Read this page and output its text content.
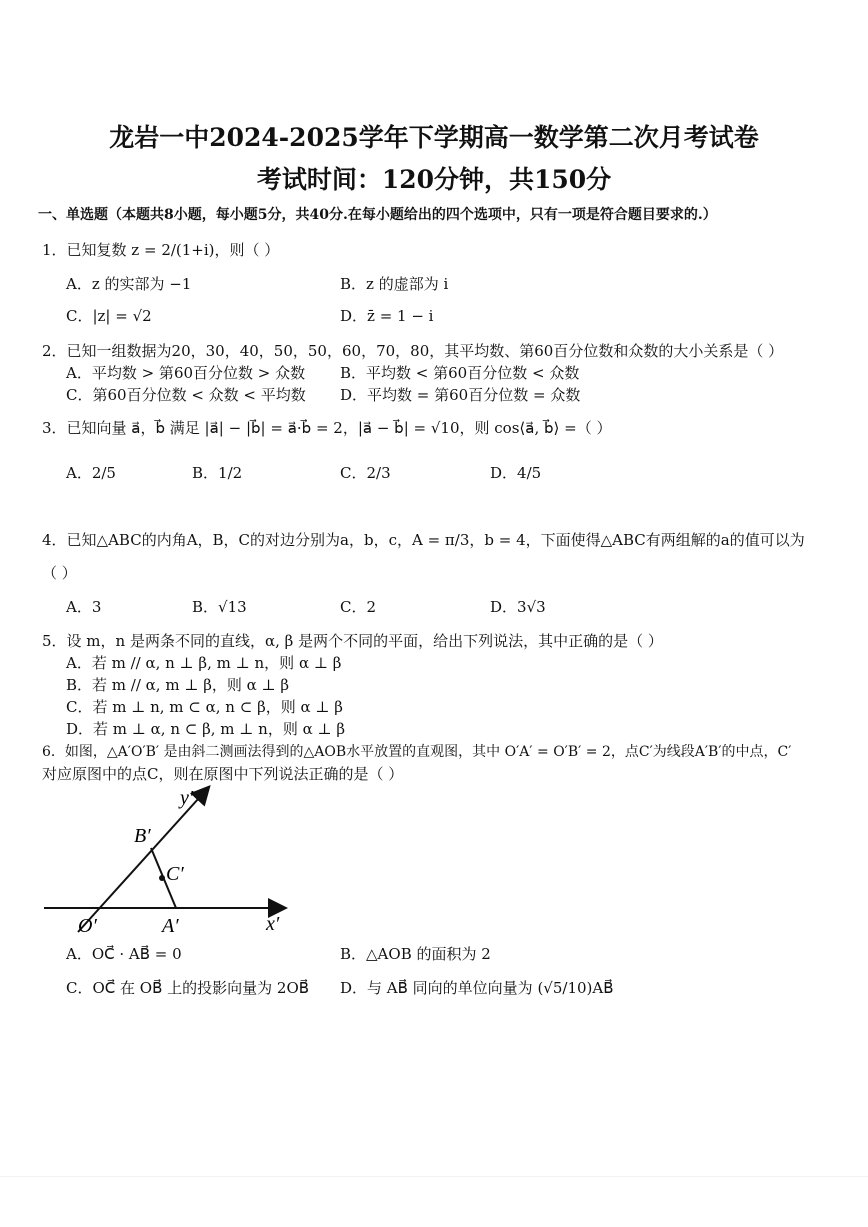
龙岩一中2024-2025学年下学期高一数学第二次月考试卷
考试时间：120分钟，共150分
一、单选题（本题共8小题，每小题5分，共40分.在每小题给出的四个选项中，只有一项是符合题目要求的.）
1．已知复数 z = 2/(1+i)，则（ ）
A．z 的实部为 −1	B．z 的虚部为 i
C．|z| = √2	D．z̄ = 1 − i
2．已知一组数据为20，30，40，50，50，60，70，80，其平均数、第60百分位数和众数的大小关系是（ ）
A．平均数 > 第60百分位数 > 众数 B．平均数 < 第60百分位数 < 众数
C．第60百分位数 < 众数 < 平均数 D．平均数 = 第60百分位数 = 众数
3．已知向量 a⃗，b⃗ 满足 |a⃗| − |b⃗| = a⃗·b⃗ = 2，|a⃗ − b⃗| = √10，则 cos⟨a⃗, b⃗⟩ =（ ）
A．2/5	B．1/2	C．2/3	D．4/5
4．已知△ABC的内角A，B，C的对边分别为a，b，c，A = π/3，b = 4，下面使得△ABC有两组解的a的值可以为
（ ）
A．3	B．√13	C．2	D．3√3
5．设 m，n 是两条不同的直线，α, β 是两个不同的平面，给出下列说法，其中正确的是（ ）
A．若 m // α, n ⊥ β, m ⊥ n，则 α ⊥ β
B．若 m // α, m ⊥ β，则 α ⊥ β
C．若 m ⊥ n, m ⊂ α, n ⊂ β，则 α ⊥ β
D．若 m ⊥ α, n ⊂ β, m ⊥ n，则 α ⊥ β
6．如图，△A′O′B′ 是由斜二测画法得到的△AOB水平放置的直观图，其中 O′A′ = O′B′ = 2，点C′为线段A′B′的中点，C′
对应原图中的点C，则在原图中下列说法正确的是（ ）
y′
x′
O′	A′
B′
C′
A．OC⃗ · AB⃗ = 0	B．△AOB 的面积为 2
C．OC⃗ 在 OB⃗ 上的投影向量为 2OB⃗ D．与 AB⃗ 同向的单位向量为 (√5/10)AB⃗
